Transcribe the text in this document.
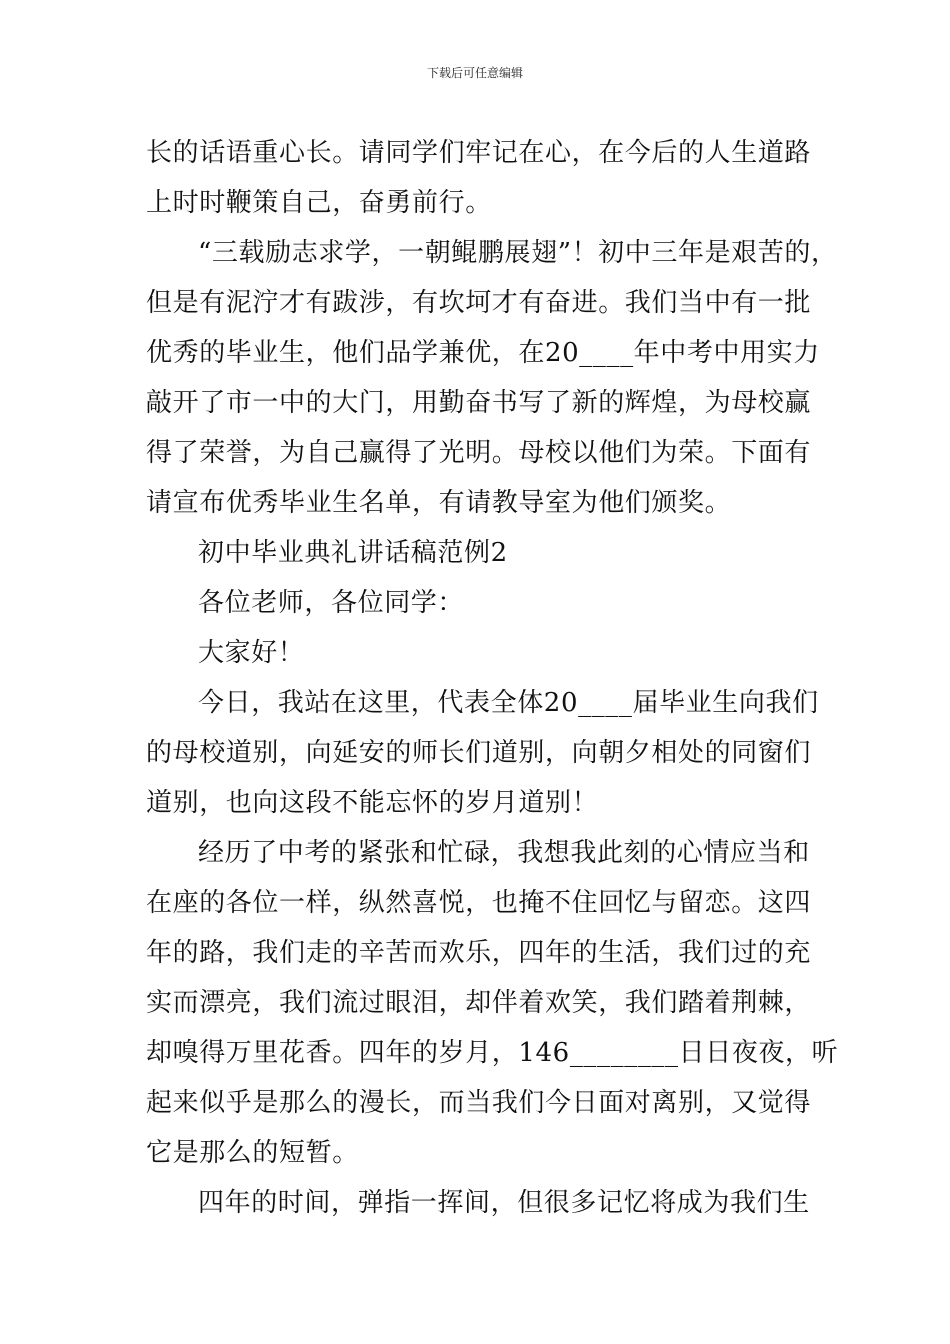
下载后可任意编辑
长的话语重心长。请同学们牢记在心，在今后的人生道路
上时时鞭策自己，奋勇前行。
“三载励志求学，一朝鲲鹏展翅”！初中三年是艰苦的，
但是有泥泞才有跋涉，有坎坷才有奋进。我们当中有一批
优秀的毕业生，他们品学兼优，在20____年中考中用实力
敲开了市一中的大门，用勤奋书写了新的辉煌，为母校赢
得了荣誉，为自己赢得了光明。母校以他们为荣。下面有
请宣布优秀毕业生名单，有请教导室为他们颁奖。
初中毕业典礼讲话稿范例2
各位老师，各位同学：
大家好！
今日，我站在这里，代表全体20____届毕业生向我们
的母校道别，向延安的师长们道别，向朝夕相处的同窗们
道别，也向这段不能忘怀的岁月道别！
经历了中考的紧张和忙碌，我想我此刻的心情应当和
在座的各位一样，纵然喜悦，也掩不住回忆与留恋。这四
年的路，我们走的辛苦而欢乐，四年的生活，我们过的充
实而漂亮，我们流过眼泪，却伴着欢笑，我们踏着荆棘，
却嗅得万里花香。四年的岁月，146________日日夜夜，听
起来似乎是那么的漫长，而当我们今日面对离别，又觉得
它是那么的短暂。
四年的时间，弹指一挥间，但很多记忆将成为我们生
